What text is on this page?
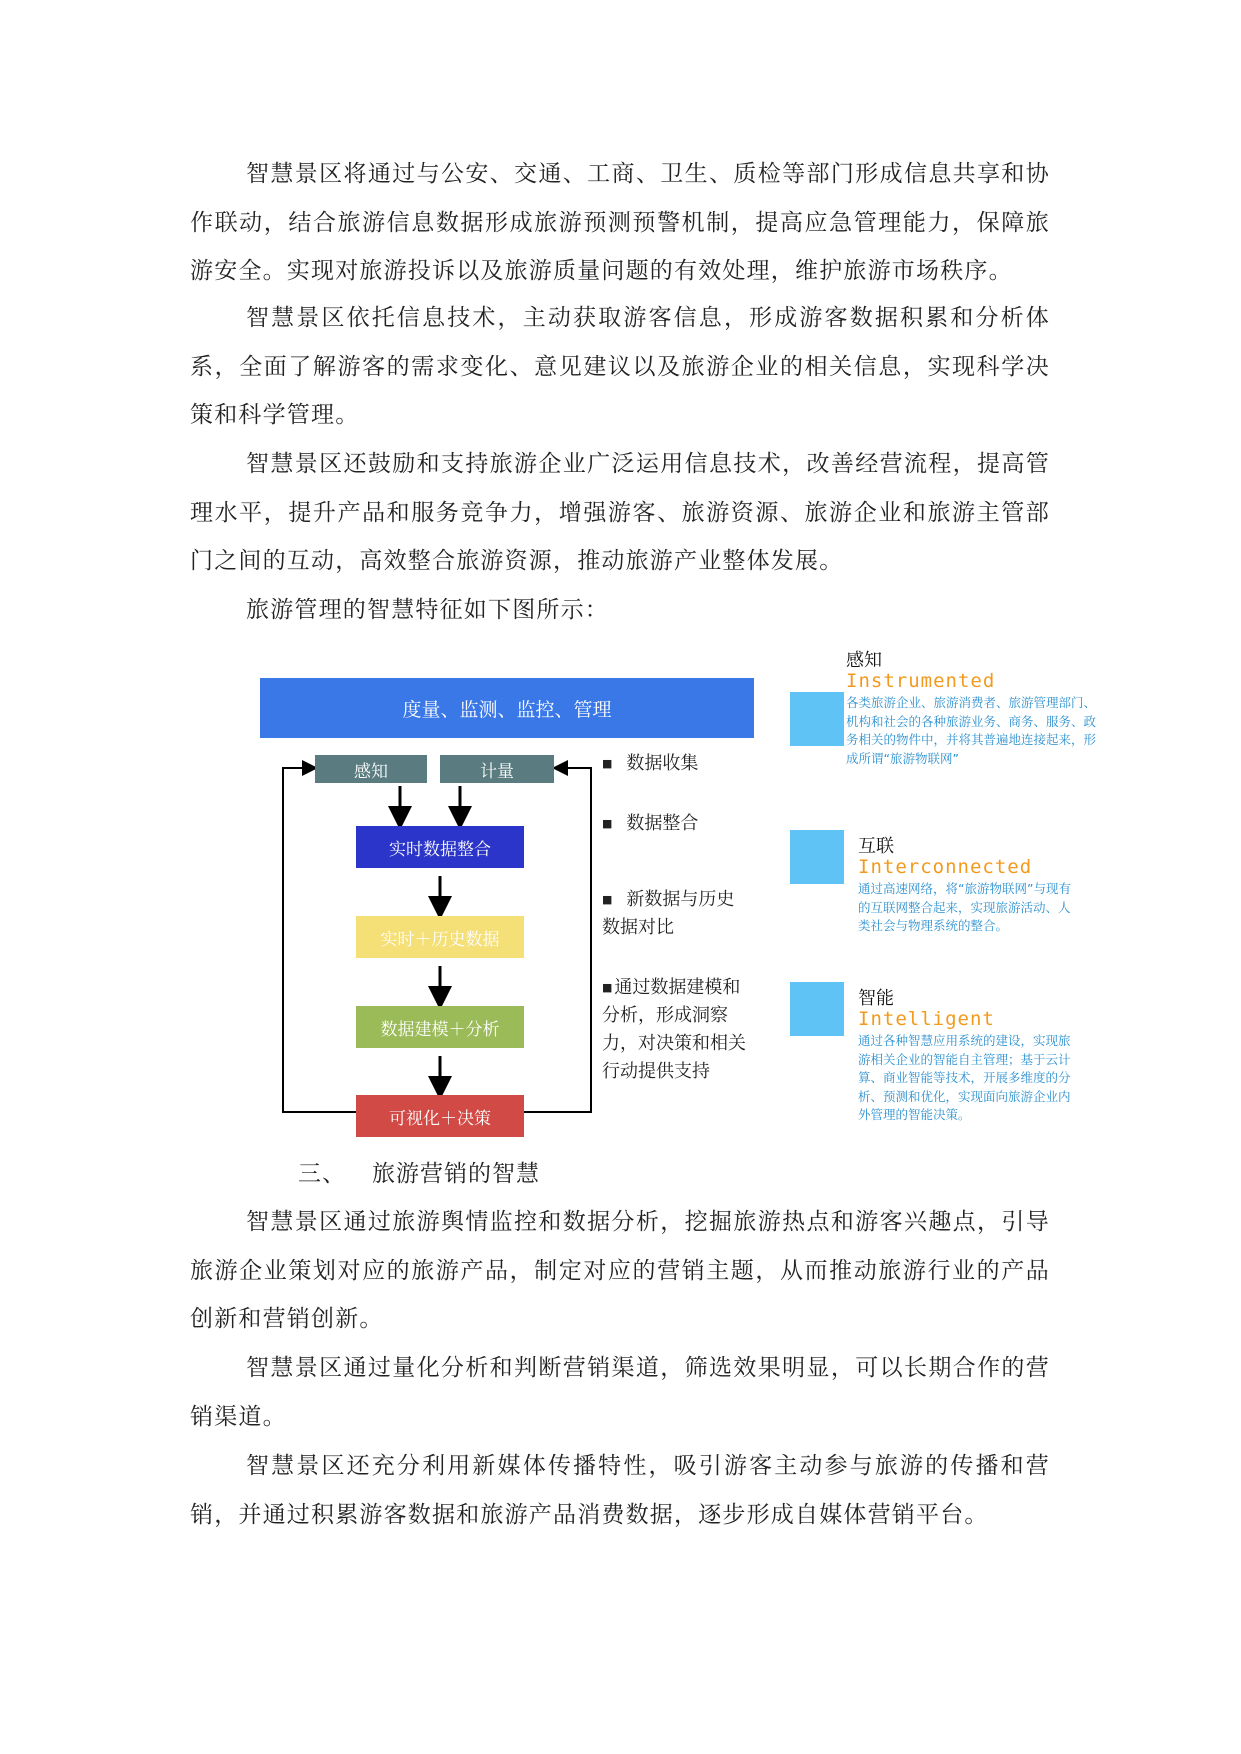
智慧景区将通过与公安、交通、工商、卫生、质检等部门形成信息共享和协作联动，结合旅游信息数据形成旅游预测预警机制，提高应急管理能力，保障旅游安全。实现对旅游投诉以及旅游质量问题的有效处理，维护旅游市场秩序。

智慧景区依托信息技术，主动获取游客信息，形成游客数据积累和分析体系，全面了解游客的需求变化、意见建议以及旅游企业的相关信息，实现科学决策和科学管理。

智慧景区还鼓励和支持旅游企业广泛运用信息技术，改善经营流程，提高管理水平，提升产品和服务竞争力，增强游客、旅游资源、旅游企业和旅游主管部门之间的互动，高效整合旅游资源，推动旅游产业整体发展。

旅游管理的智慧特征如下图所示：

度量、监测、监控、管理
感知	计量
实时数据整合
实时＋历史数据
数据建模＋分析
可视化＋决策
■ 数据收集
■ 数据整合
■ 新数据与历史数据对比
■ 通过数据建模和分析，形成洞察力，对决策和相关行动提供支持
感知
Instrumented
各类旅游企业、旅游消费者、旅游管理部门、机构和社会的各种旅游业务、商务、服务、政务相关的物件中，并将其普遍地连接起来，形成所谓“旅游物联网”
互联
Interconnected
通过高速网络，将“旅游物联网”与现有的互联网整合起来，实现旅游活动、人类社会与物理系统的整合。
智能
Intelligent
通过各种智慧应用系统的建设，实现旅游相关企业的智能自主管理；基于云计算、商业智能等技术，开展多维度的分析、预测和优化，实现面向旅游企业内外管理的智能决策。
三、 旅游营销的智慧

智慧景区通过旅游舆情监控和数据分析，挖掘旅游热点和游客兴趣点，引导旅游企业策划对应的旅游产品，制定对应的营销主题，从而推动旅游行业的产品创新和营销创新。

智慧景区通过量化分析和判断营销渠道，筛选效果明显，可以长期合作的营销渠道。

智慧景区还充分利用新媒体传播特性，吸引游客主动参与旅游的传播和营销，并通过积累游客数据和旅游产品消费数据，逐步形成自媒体营销平台。
